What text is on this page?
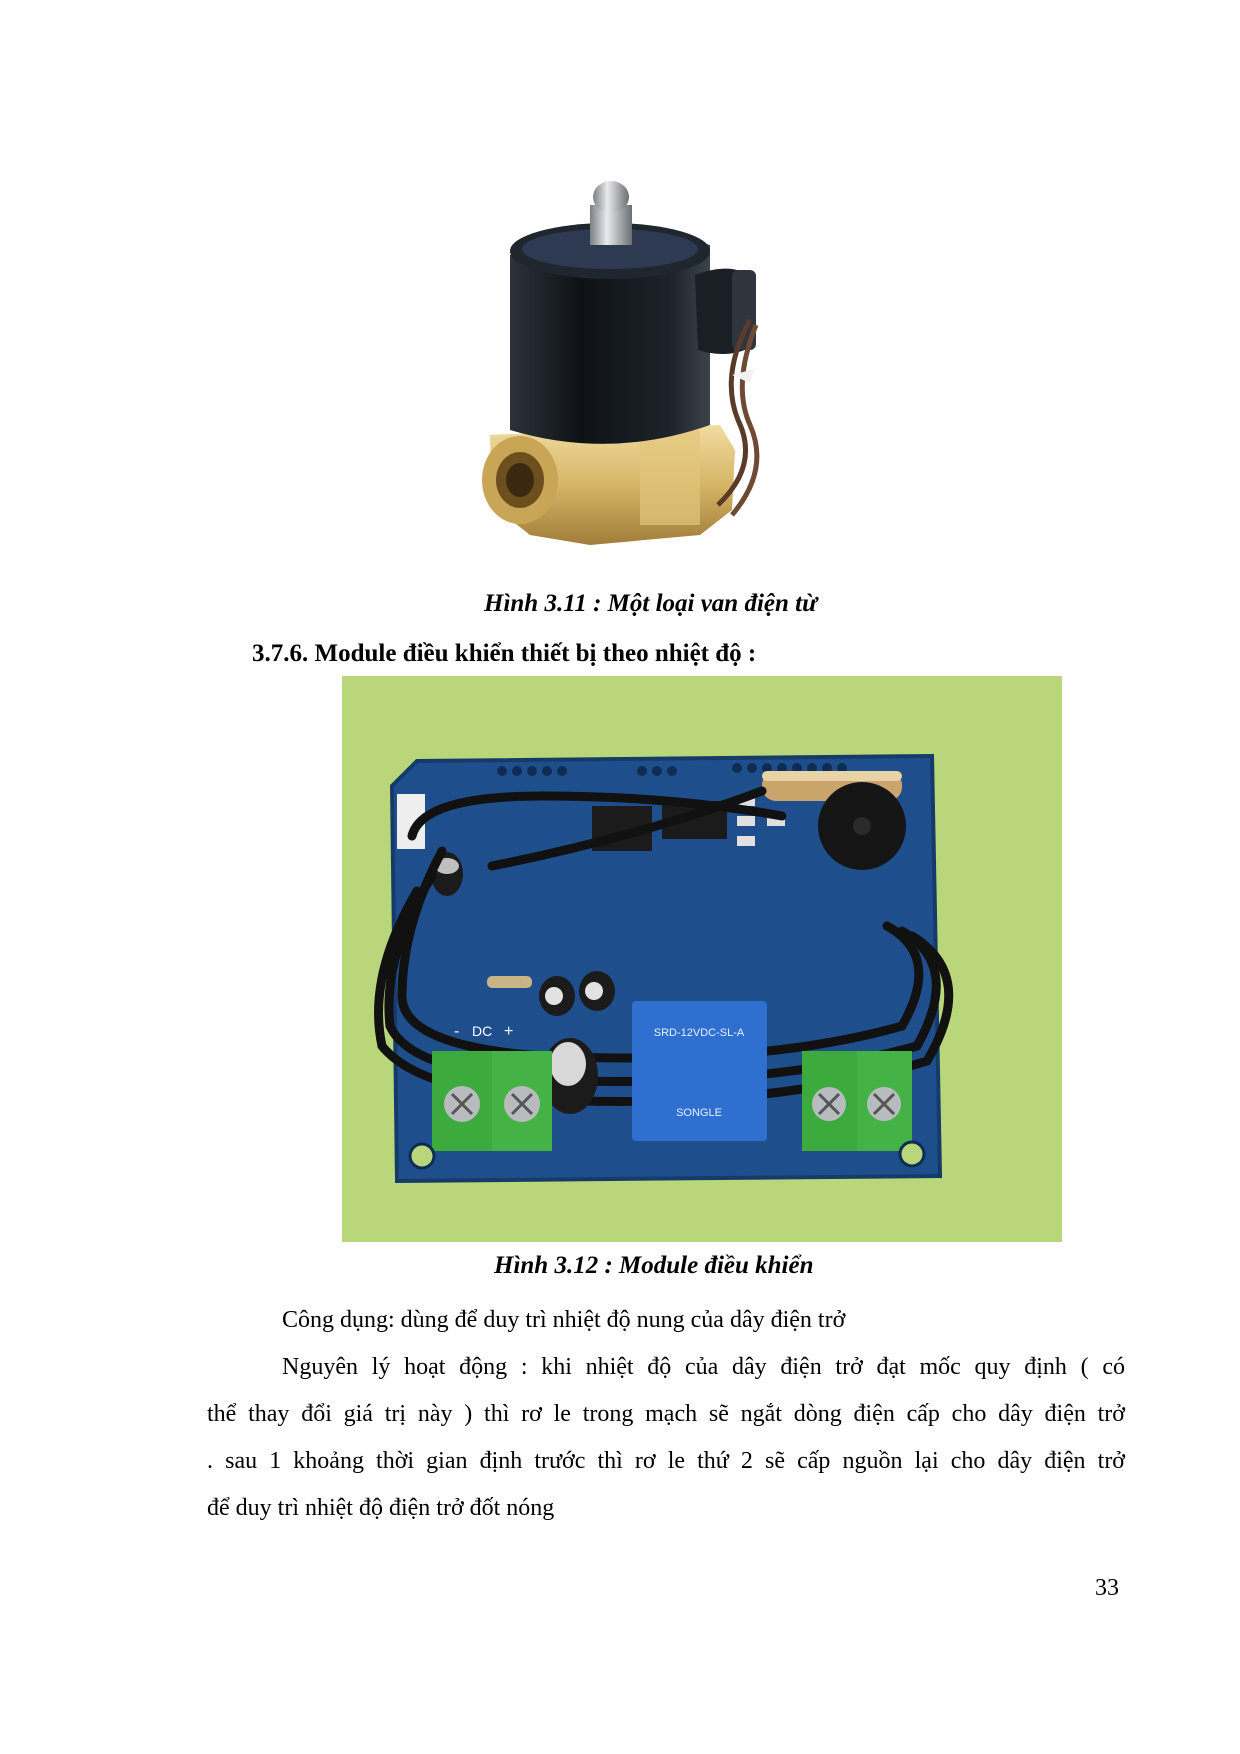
Hình 3.11 : Một loại van điện từ
3.7.6. Module điều khiển thiết bị theo nhiệt độ :
DC
-	+	SRD-12VDC-SL-A
SONGLE
Hình 3.12 : Module điều khiển
Công dụng: dùng để duy trì nhiệt độ nung của dây điện trở
Nguyên lý hoạt động : khi nhiệt độ của dây điện trở đạt mốc quy định ( có
thể thay đổi giá trị này ) thì rơ le trong mạch sẽ ngắt dòng điện cấp cho dây điện trở
. sau 1 khoảng thời gian định trước thì rơ le thứ 2 sẽ cấp nguồn lại cho dây điện trở
để duy trì nhiệt độ điện trở đốt nóng
33
